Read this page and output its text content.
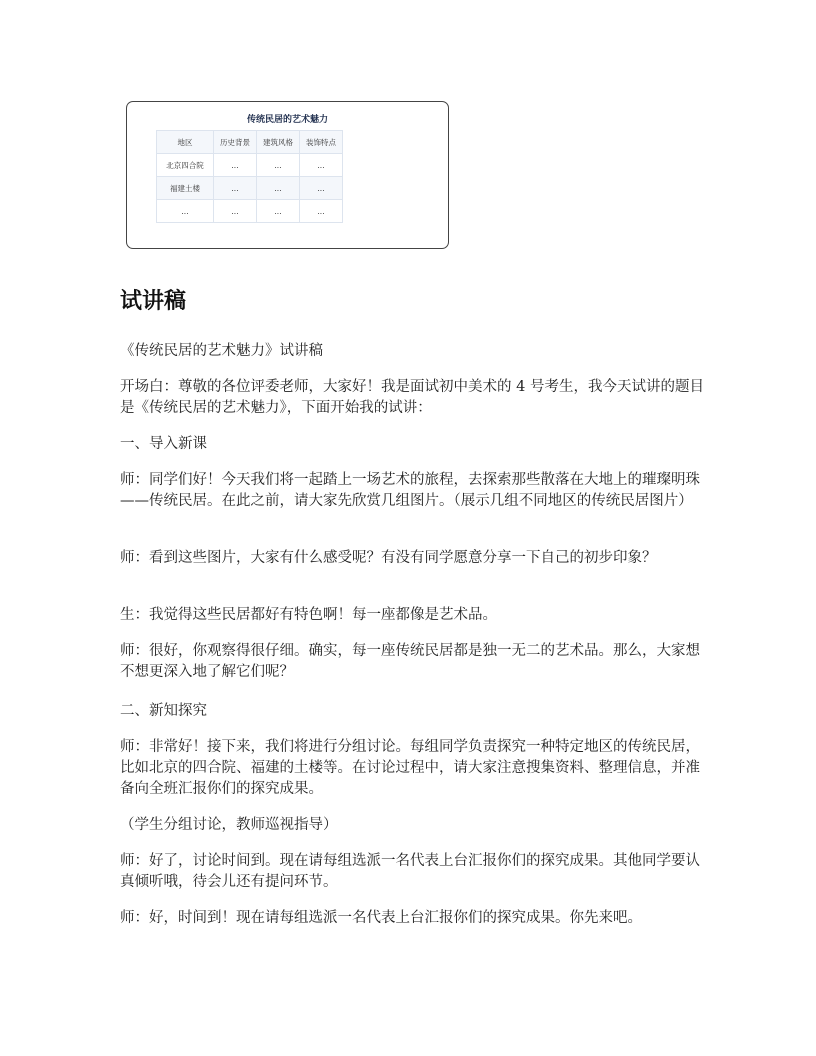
传统民居的艺术魅力
地区	历史背景	建筑风格	装饰特点
北京四合院	...	...	...
福建土楼	...	...	...
...	...	...	...
试讲稿

《传统民居的艺术魅力》试讲稿

开场白：尊敬的各位评委老师，大家好！我是面试初中美术的 4 号考生，我今天试讲的题目是《传统民居的艺术魅力》，下面开始我的试讲：

一、导入新课

师：同学们好！今天我们将一起踏上一场艺术的旅程，去探索那些散落在大地上的璀璨明珠——传统民居。在此之前，请大家先欣赏几组图片。（展示几组不同地区的传统民居图片）

师：看到这些图片，大家有什么感受呢？有没有同学愿意分享一下自己的初步印象？

生：我觉得这些民居都好有特色啊！每一座都像是艺术品。

师：很好，你观察得很仔细。确实，每一座传统民居都是独一无二的艺术品。那么，大家想不想更深入地了解它们呢？

二、新知探究

师：非常好！接下来，我们将进行分组讨论。每组同学负责探究一种特定地区的传统民居，比如北京的四合院、福建的土楼等。在讨论过程中，请大家注意搜集资料、整理信息，并准备向全班汇报你们的探究成果。

（学生分组讨论，教师巡视指导）

师：好了，讨论时间到。现在请每组选派一名代表上台汇报你们的探究成果。其他同学要认真倾听哦，待会儿还有提问环节。

师：好，时间到！现在请每组选派一名代表上台汇报你们的探究成果。你先来吧。
